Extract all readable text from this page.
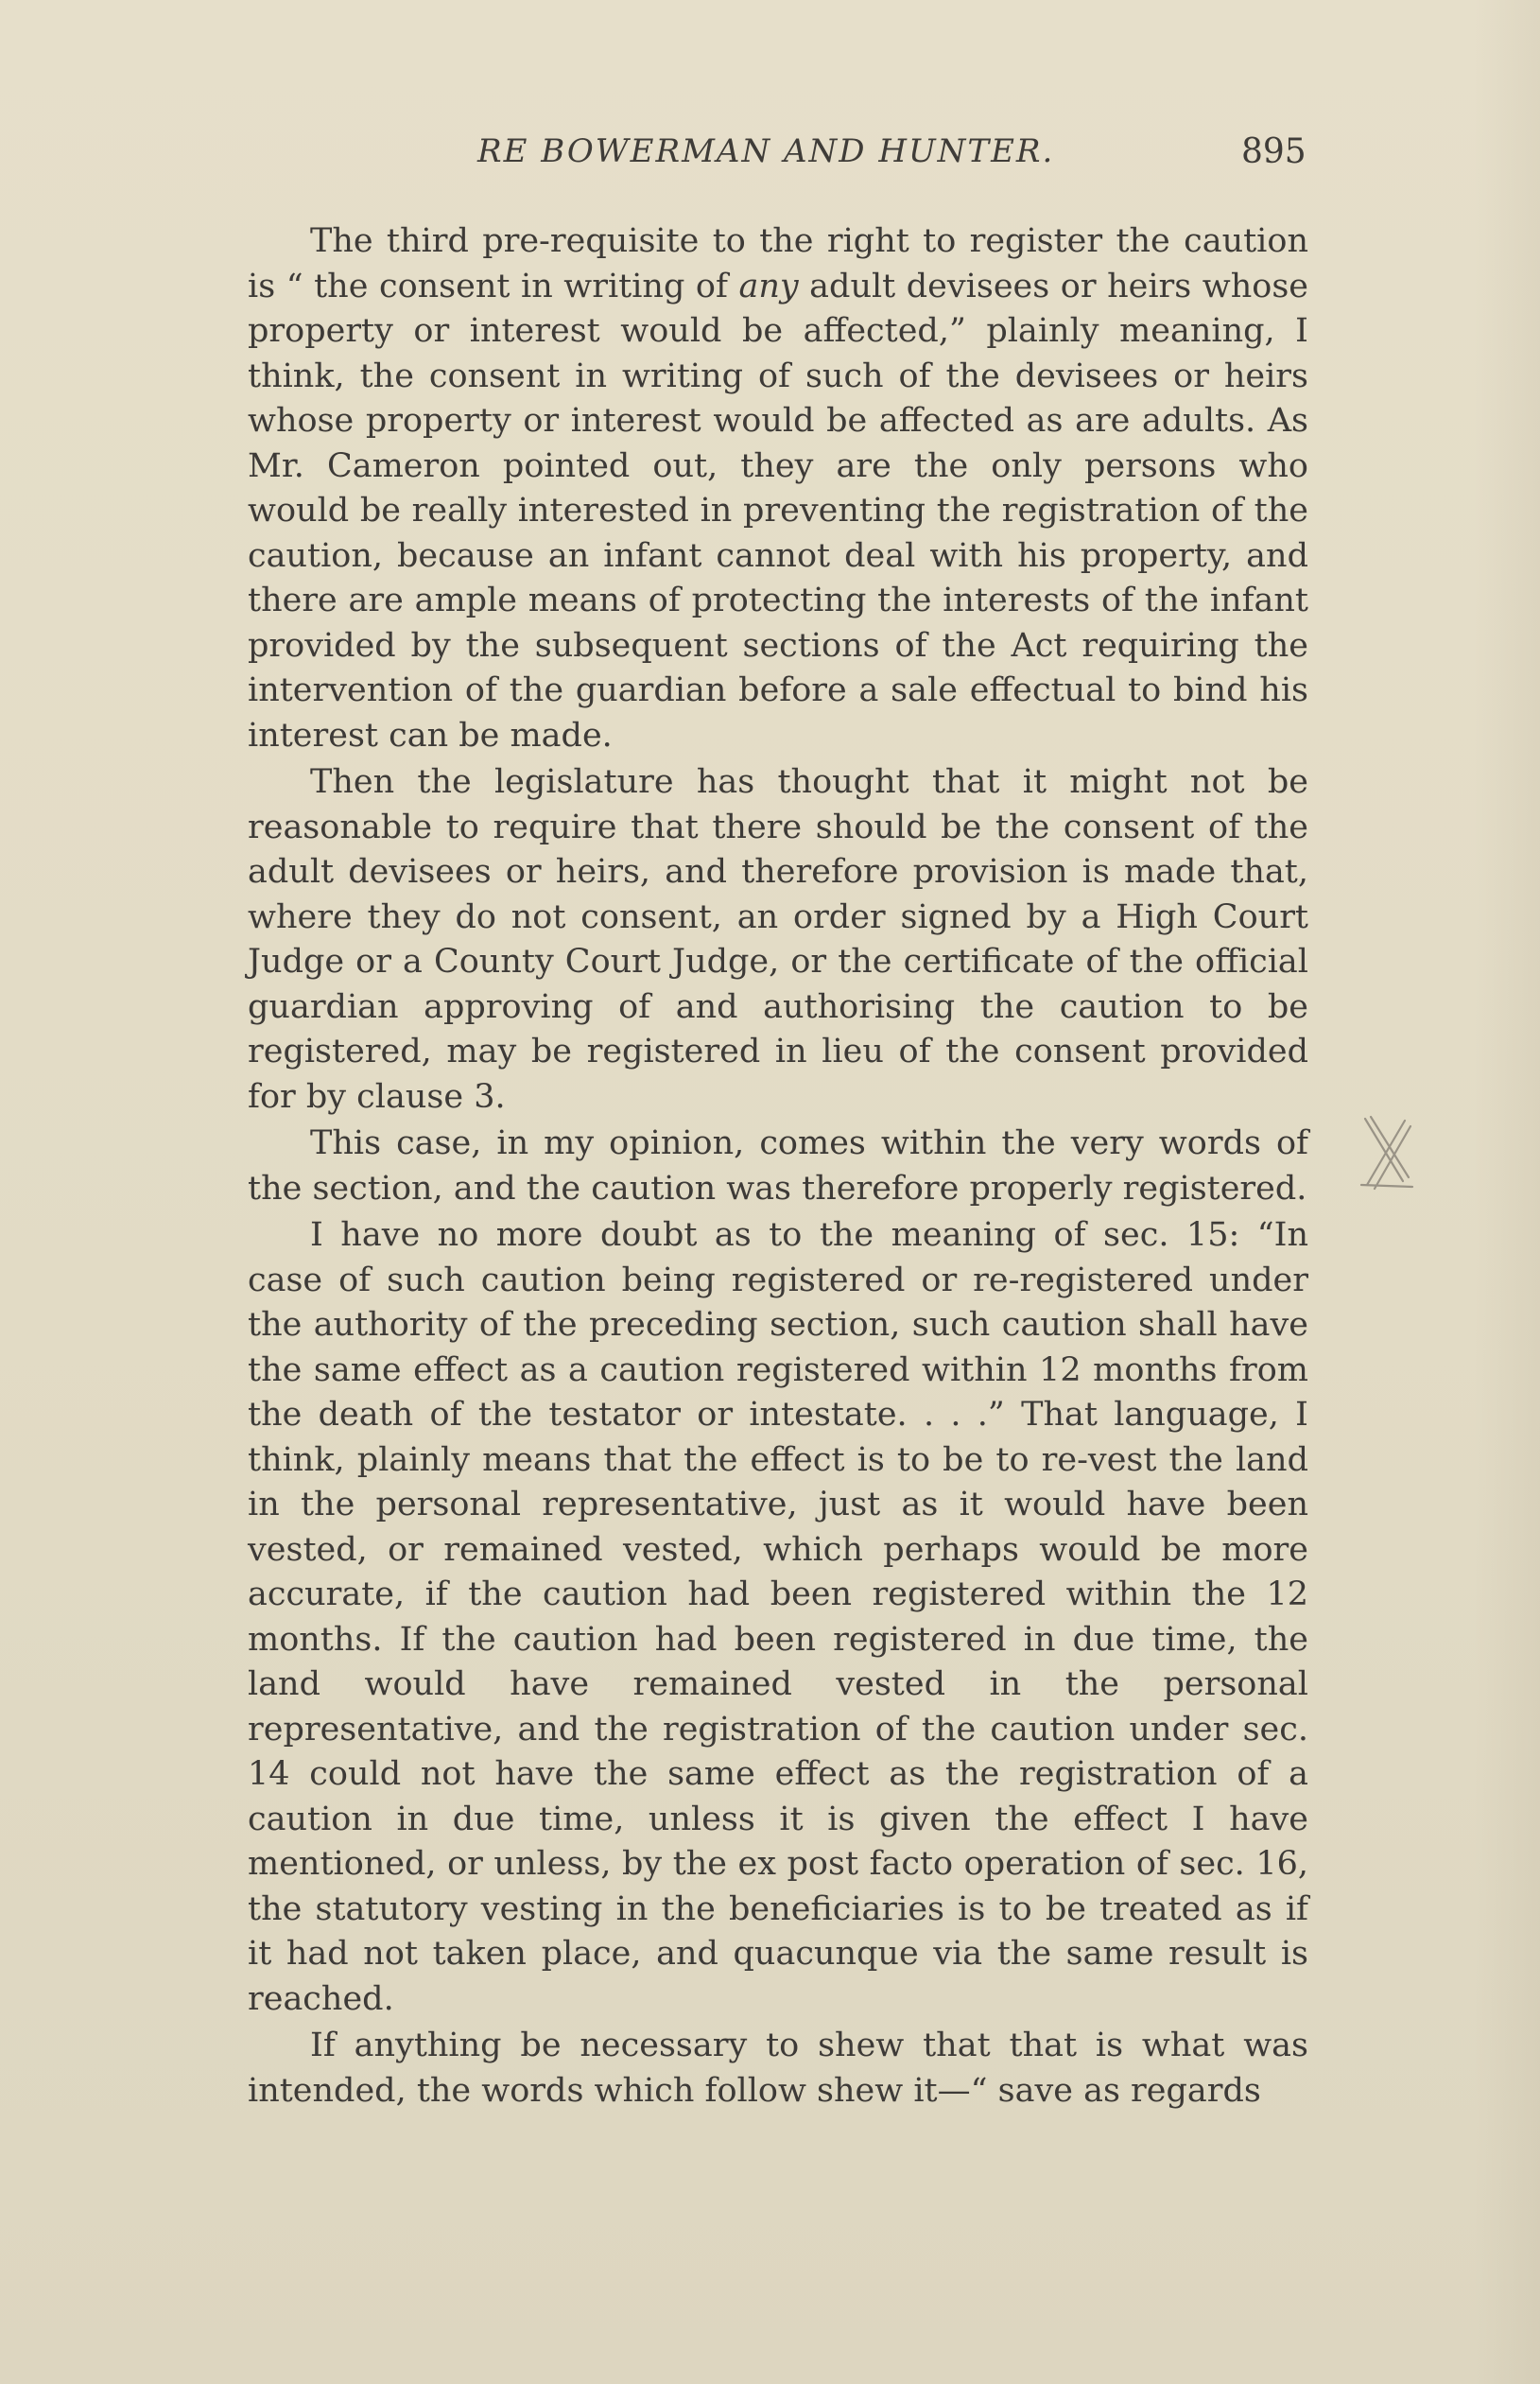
RE BOWERMAN AND HUNTER.	895

The third pre-requisite to the right to register the caution is “ the consent in writing of any adult devisees or heirs whose property or interest would be affected,” plainly meaning, I think, the consent in writing of such of the devisees or heirs whose property or interest would be affected as are adults. As Mr. Cameron pointed out, they are the only persons who would be really interested in preventing the registration of the caution, because an infant cannot deal with his property, and there are ample means of protecting the interests of the infant provided by the subsequent sections of the Act requiring the intervention of the guardian before a sale effectual to bind his interest can be made.

Then the legislature has thought that it might not be reasonable to require that there should be the consent of the adult devisees or heirs, and therefore provision is made that, where they do not consent, an order signed by a High Court Judge or a County Court Judge, or the certificate of the official guardian approving of and authorising the caution to be registered, may be registered in lieu of the consent provided for by clause 3.

This case, in my opinion, comes within the very words of the section, and the caution was therefore properly registered.

I have no more doubt as to the meaning of sec. 15: “In case of such caution being registered or re-registered under the authority of the preceding section, such caution shall have the same effect as a caution registered within 12 months from the death of the testator or intestate. . . .” That language, I think, plainly means that the effect is to be to re-vest the land in the personal representative, just as it would have been vested, or remained vested, which perhaps would be more accurate, if the caution had been registered within the 12 months. If the caution had been registered in due time, the land would have remained vested in the personal representative, and the registration of the caution under sec. 14 could not have the same effect as the registration of a caution in due time, unless it is given the effect I have mentioned, or unless, by the ex post facto operation of sec. 16, the statutory vesting in the beneficiaries is to be treated as if it had not taken place, and quacunque via the same result is reached.

If anything be necessary to shew that that is what was intended, the words which follow shew it—“ save as regards
